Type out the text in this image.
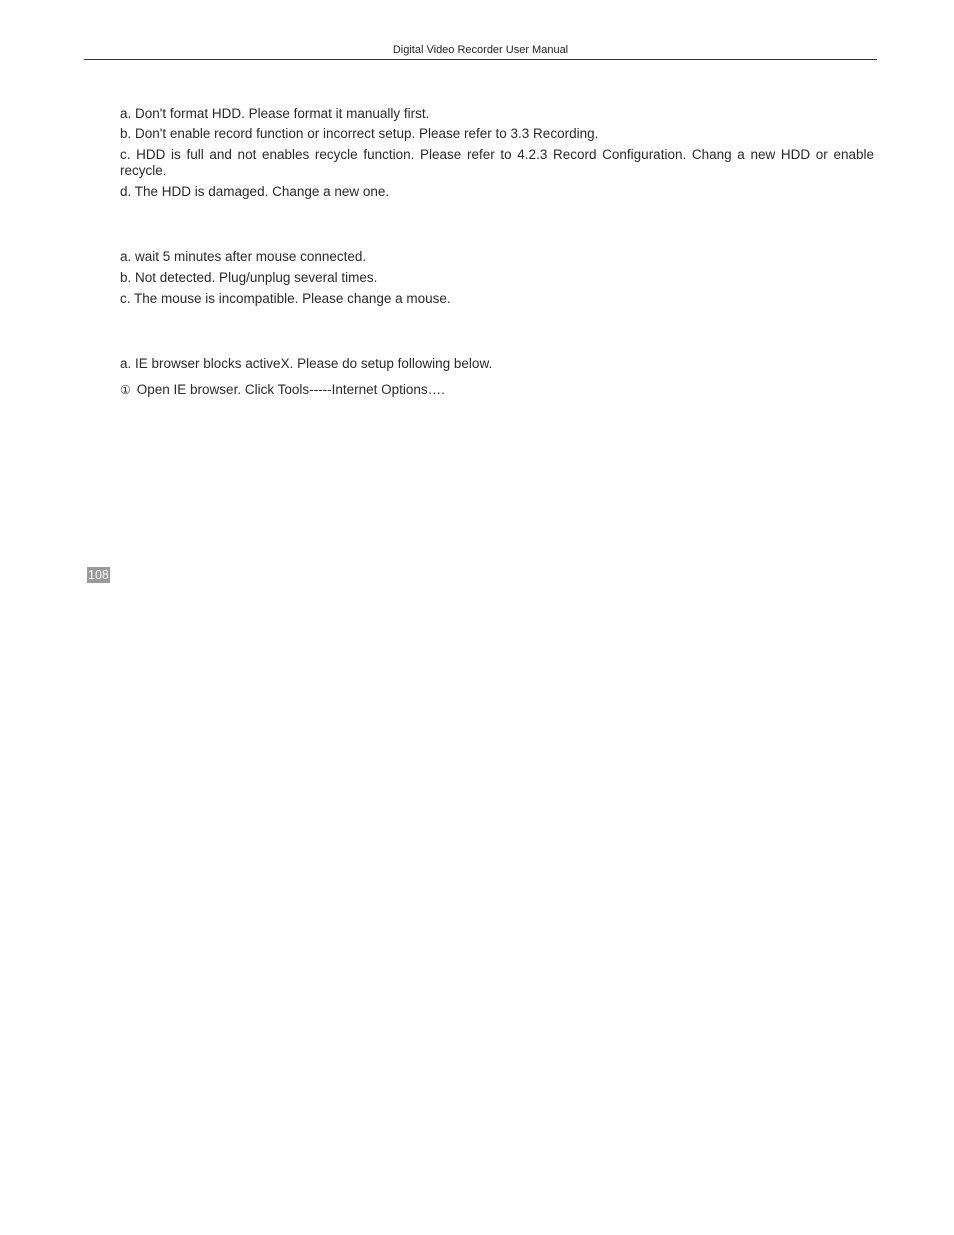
Digital Video Recorder User Manual
a. Don't format HDD. Please format it manually first.
b. Don't enable record function or incorrect setup. Please refer to 3.3 Recording.
c. HDD is full and not enables recycle function. Please refer to 4.2.3 Record Configuration. Chang a new HDD or enable recycle.
d. The HDD is damaged. Change a new one.
a. wait 5 minutes after mouse connected.
b. Not detected. Plug/unplug several times.
c. The mouse is incompatible. Please change a mouse.
a. IE browser blocks activeX. Please do setup following below.
① Open IE browser. Click Tools-----Internet Options….
108
